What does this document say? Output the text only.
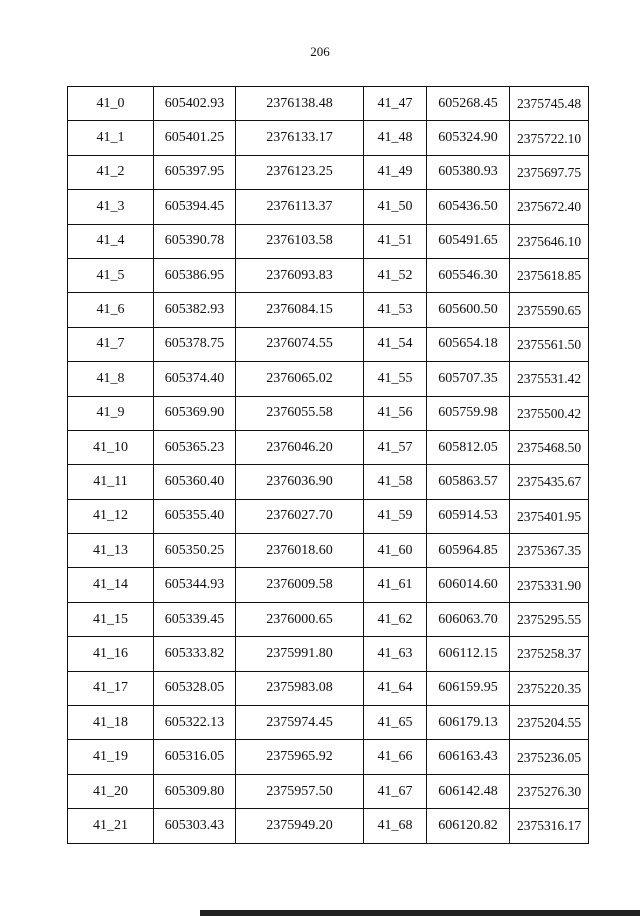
206
41_0	605402.93	2376138.48	41_47	605268.45	2375745.48
41_1	605401.25	2376133.17	41_48	605324.90	2375722.10
41_2	605397.95	2376123.25	41_49	605380.93	2375697.75
41_3	605394.45	2376113.37	41_50	605436.50	2375672.40
41_4	605390.78	2376103.58	41_51	605491.65	2375646.10
41_5	605386.95	2376093.83	41_52	605546.30	2375618.85
41_6	605382.93	2376084.15	41_53	605600.50	2375590.65
41_7	605378.75	2376074.55	41_54	605654.18	2375561.50
41_8	605374.40	2376065.02	41_55	605707.35	2375531.42
41_9	605369.90	2376055.58	41_56	605759.98	2375500.42
41_10	605365.23	2376046.20	41_57	605812.05	2375468.50
41_11	605360.40	2376036.90	41_58	605863.57	2375435.67
41_12	605355.40	2376027.70	41_59	605914.53	2375401.95
41_13	605350.25	2376018.60	41_60	605964.85	2375367.35
41_14	605344.93	2376009.58	41_61	606014.60	2375331.90
41_15	605339.45	2376000.65	41_62	606063.70	2375295.55
41_16	605333.82	2375991.80	41_63	606112.15	2375258.37
41_17	605328.05	2375983.08	41_64	606159.95	2375220.35
41_18	605322.13	2375974.45	41_65	606179.13	2375204.55
41_19	605316.05	2375965.92	41_66	606163.43	2375236.05
41_20	605309.80	2375957.50	41_67	606142.48	2375276.30
41_21	605303.43	2375949.20	41_68	606120.82	2375316.17
